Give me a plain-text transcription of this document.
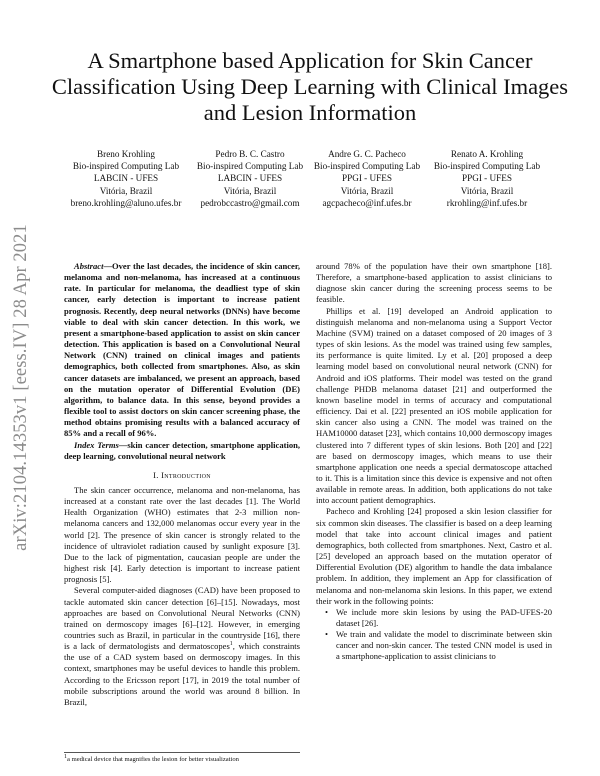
arXiv:2104.14353v1 [eess.IV] 28 Apr 2021
A Smartphone based Application for Skin Cancer Classification Using Deep Learning with Clinical Images and Lesion Information
Breno Krohling
Bio-inspired Computing Lab
LABCIN - UFES
Vitória, Brazil
breno.krohling@aluno.ufes.br
Pedro B. C. Castro
Bio-inspired Computing Lab
LABCIN - UFES
Vitória, Brazil
pedrobccastro@gmail.com
Andre G. C. Pacheco
Bio-inspired Computing Lab
PPGI - UFES
Vitória, Brazil
agcpacheco@inf.ufes.br
Renato A. Krohling
Bio-inspired Computing Lab
PPGI - UFES
Vitória, Brazil
rkrohling@inf.ufes.br

Abstract—Over the last decades, the incidence of skin cancer, melanoma and non-melanoma, has increased at a continuous rate. In particular for melanoma, the deadliest type of skin cancer, early detection is important to increase patient prognosis. Recently, deep neural networks (DNNs) have become viable to deal with skin cancer detection. In this work, we present a smartphone-based application to assist on skin cancer detection. This application is based on a Convolutional Neural Network (CNN) trained on clinical images and patients demographics, both collected from smartphones. Also, as skin cancer datasets are imbalanced, we present an approach, based on the mutation operator of Differential Evolution (DE) algorithm, to balance data. In this sense, beyond provides a flexible tool to assist doctors on skin cancer screening phase, the method obtains promising results with a balanced accuracy of 85% and a recall of 96%.

Index Terms—skin cancer detection, smartphone application, deep learning, convolutional neural network

I. Introduction

The skin cancer occurrence, melanoma and non-melanoma, has increased at a constant rate over the last decades [1]. The World Health Organization (WHO) estimates that 2-3 million non-melanoma cancers and 132,000 melanomas occur every year in the world [2]. The presence of skin cancer is strongly related to the incidence of ultraviolet radiation caused by sunlight exposure [3]. Due to the lack of pigmentation, caucasian people are under the highest risk [4]. Early detection is important to increase patient prognosis [5].

Several computer-aided diagnoses (CAD) have been proposed to tackle automated skin cancer detection [6]–[15]. Nowadays, most approaches are based on Convolutional Neural Networks (CNN) trained on dermoscopy images [6]–[12]. However, in emerging countries such as Brazil, in particular in the countryside [16], there is a lack of dermatologists and dermatoscopes$^1$, which constraints the use of a CAD system based on dermoscopy images. In this context, smartphones may be useful devices to handle this problem. According to the Ericsson report [17], in 2019 the total number of mobile subscriptions around the world was around 8 billion. In Brazil,

$^1$a medical device that magnifies the lesion for better visualization

around 78% of the population have their own smartphone [18]. Therefore, a smartphone-based application to assist clinicians to diagnose skin cancer during the screening process seems to be feasible.

Phillips et al. [19] developed an Android application to distinguish melanoma and non-melanoma using a Support Vector Machine (SVM) trained on a dataset composed of 20 images of 3 types of skin lesions. As the model was trained using few samples, its performance is quite limited. Ly et al. [20] proposed a deep learning model based on convolutional neural network (CNN) for Android and iOS platforms. Their model was tested on the grand challenge PHDB melanoma dataset [21] and outperformed the known baseline model in terms of accuracy and computational efficiency. Dai et al. [22] presented an iOS mobile application for skin cancer also using a CNN. The model was trained on the HAM10000 dataset [23], which contains 10,000 dermoscopy images clustered into 7 different types of skin lesions. Both [20] and [22] are based on dermoscopy images, which means to use their smartphone application one needs a special dermatoscope attached to it. This is a limitation since this device is expensive and not often available in remote areas. In addition, both applications do not take into account patient demographics.

Pacheco and Krohling [24] proposed a skin lesion classifier for six common skin diseases. The classifier is based on a deep learning model that take into account clinical images and patient demographics, both collected from smartphones. Next, Castro et al. [25] developed an approach based on the mutation operator of Differential Evolution (DE) algorithm to handle the data imbalance problem. In addition, they implement an App for classification of melanoma and non-melanoma skin lesions. In this paper, we extend their work in the following points:

• We include more skin lesions by using the PAD-UFES-20 dataset [26].
• We train and validate the model to discriminate between skin cancer and non-skin cancer. The tested CNN model is used in a smartphone-application to assist clinicians to
